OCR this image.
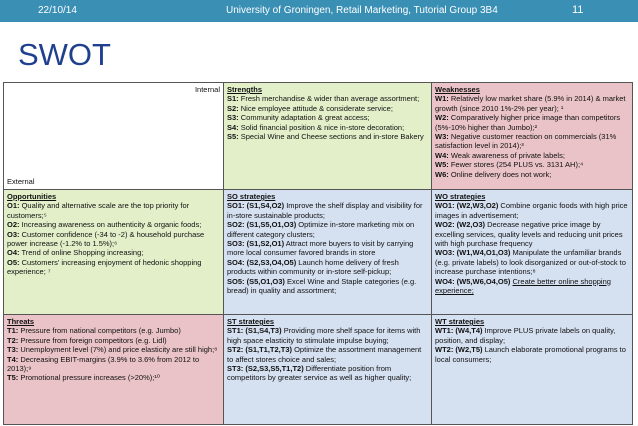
22/10/14	University of Groningen, Retail Marketing, Tutorial Group 3B4	11
SWOT
Internal
External
Strengths
S1: Fresh merchandise & wider than average assortment;
S2: Nice employee attitude & considerate service;
S3: Community adaptation & great access;
S4: Solid financial position & nice in-store decoration;
S5: Special Wine and Cheese sections and in-store Bakery
Weaknesses
W1: Relatively low market share (5.9% in 2014) & market growth (since 2010 1%-2% per year); ¹
W2: Comparatively higher price image than competitors (5%-10% higher than Jumbo);²
W3: Negative customer reaction on commercials (31% satisfaction level in 2014);³
W4: Weak awareness of private labels;
W5: Fewer stores (254 PLUS vs. 3131 AH);⁴
W6: Online delivery does not work;
Opportunities
O1: Quality and alternative scale are the top priority for customers;⁵
O2: Increasing awareness on authenticity & organic foods;
O3: Customer confidence (-34 to -2) & household purchase power increase (-1.2% to 1.5%);⁶
O4: Trend of online Shopping increasing;
O5: Customers' increasing enjoyment of hedonic shopping experience; ⁷
SO strategies
SO1: (S1,S4,O2) Improve the shelf display and visibility for in-store sustainable products;
SO2: (S1,S5,O1,O3) Optimize in-store marketing mix on different category clusters;
SO3: (S1,S2,O1) Attract more buyers to visit by carrying more local consumer favored brands in store
SO4: (S2,S3,O4,O5) Launch home delivery of fresh products within community or in-store self-pickup;
SO5: (S5,O1,O3) Excel Wine and Staple categories (e.g. bread) in quality and assortment;
WO strategies
WO1: (W2,W3,O2) Combine organic foods with high price images in advertisement;
WO2: (W2,O3) Decrease negative price image by excelling services, quality levels and reducing unit prices with high purchase frequency
WO3: (W1,W4,O1,O3) Manipulate the unfamiliar brands (e.g. private labels) to look disorganized or out-of-stock to increase purchase intentions;⁸
WO4: (W5,W6,O4,O5) Create better online shopping experience;
Threats
T1: Pressure from national competitors (e.g. Jumbo)
T2: Pressure from foreign competitors (e.g. Lidl)
T3: Unemployment level (7%) and price elasticity are still high;⁸
T4: Decreasing EBIT-margins (3.9% to 3.6% from 2012 to 2013);⁹
T5: Promotional pressure increases (>20%);¹⁰
ST strategies
ST1: (S1,S4,T3) Providing more shelf space for items with high space elasticity to stimulate impulse buying;
ST2: (S1,T1,T2,T3) Optimize the assortment management to affect stores choice and sales;
ST3: (S2,S3,S5,T1,T2) Differentiate position from competitors by greater service as well as higher quality;
WT strategies
WT1: (W4,T4) Improve PLUS private labels on quality, position, and display;
WT2: (W2,T5) Launch elaborate promotional programs to local consumers;
